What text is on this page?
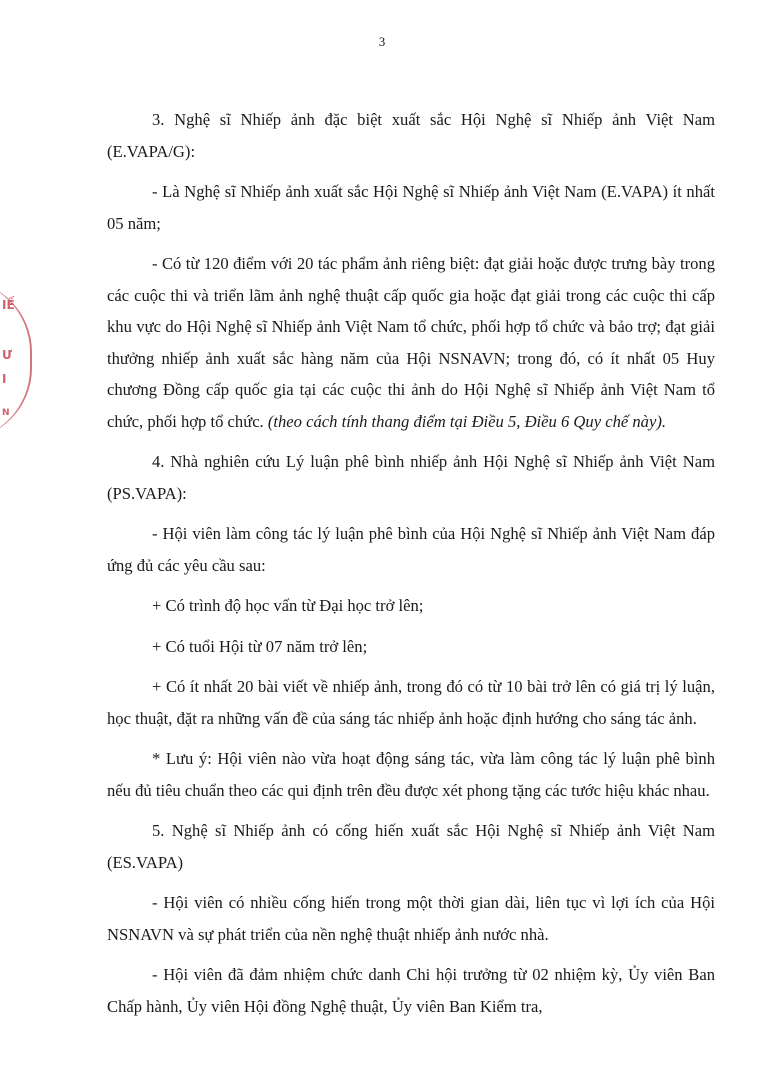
3
IẾ
Ư
I
N

3. Nghệ sĩ Nhiếp ảnh đặc biệt xuất sắc Hội Nghệ sĩ Nhiếp ảnh Việt Nam (E.VAPA/G):

- Là Nghệ sĩ Nhiếp ảnh xuất sắc Hội Nghệ sĩ Nhiếp ảnh Việt Nam (E.VAPA) ít nhất 05 năm;

- Có từ 120 điểm với 20 tác phẩm ảnh riêng biệt: đạt giải hoặc được trưng bày trong các cuộc thi và triển lãm ảnh nghệ thuật cấp quốc gia hoặc đạt giải trong các cuộc thi cấp khu vực do Hội Nghệ sĩ Nhiếp ảnh Việt Nam tổ chức, phối hợp tổ chức và bảo trợ; đạt giải thưởng nhiếp ảnh xuất sắc hàng năm của Hội NSNAVN; trong đó, có ít nhất 05 Huy chương Đồng cấp quốc gia tại các cuộc thi ảnh do Hội Nghệ sĩ Nhiếp ảnh Việt Nam tổ chức, phối hợp tổ chức. (theo cách tính thang điểm tại Điều 5, Điều 6 Quy chế này).

4. Nhà nghiên cứu Lý luận phê bình nhiếp ảnh Hội Nghệ sĩ Nhiếp ảnh Việt Nam (PS.VAPA):

- Hội viên làm công tác lý luận phê bình của Hội Nghệ sĩ Nhiếp ảnh Việt Nam đáp ứng đủ các yêu cầu sau:

+ Có trình độ học vấn từ Đại học trở lên;

+ Có tuổi Hội từ 07 năm trở lên;

+ Có ít nhất 20 bài viết về nhiếp ảnh, trong đó có từ 10 bài trở lên có giá trị lý luận, học thuật, đặt ra những vấn đề của sáng tác nhiếp ảnh hoặc định hướng cho sáng tác ảnh.

* Lưu ý: Hội viên nào vừa hoạt động sáng tác, vừa làm công tác lý luận phê bình nếu đủ tiêu chuẩn theo các qui định trên đều được xét phong tặng các tước hiệu khác nhau.

5. Nghệ sĩ Nhiếp ảnh có cống hiến xuất sắc Hội Nghệ sĩ Nhiếp ảnh Việt Nam (ES.VAPA)

- Hội viên có nhiều cống hiến trong một thời gian dài, liên tục vì lợi ích của Hội NSNAVN và sự phát triển của nền nghệ thuật nhiếp ảnh nước nhà.

- Hội viên đã đảm nhiệm chức danh Chi hội trưởng từ 02 nhiệm kỳ, Ủy viên Ban Chấp hành, Ủy viên Hội đồng Nghệ thuật, Ủy viên Ban Kiểm tra,
